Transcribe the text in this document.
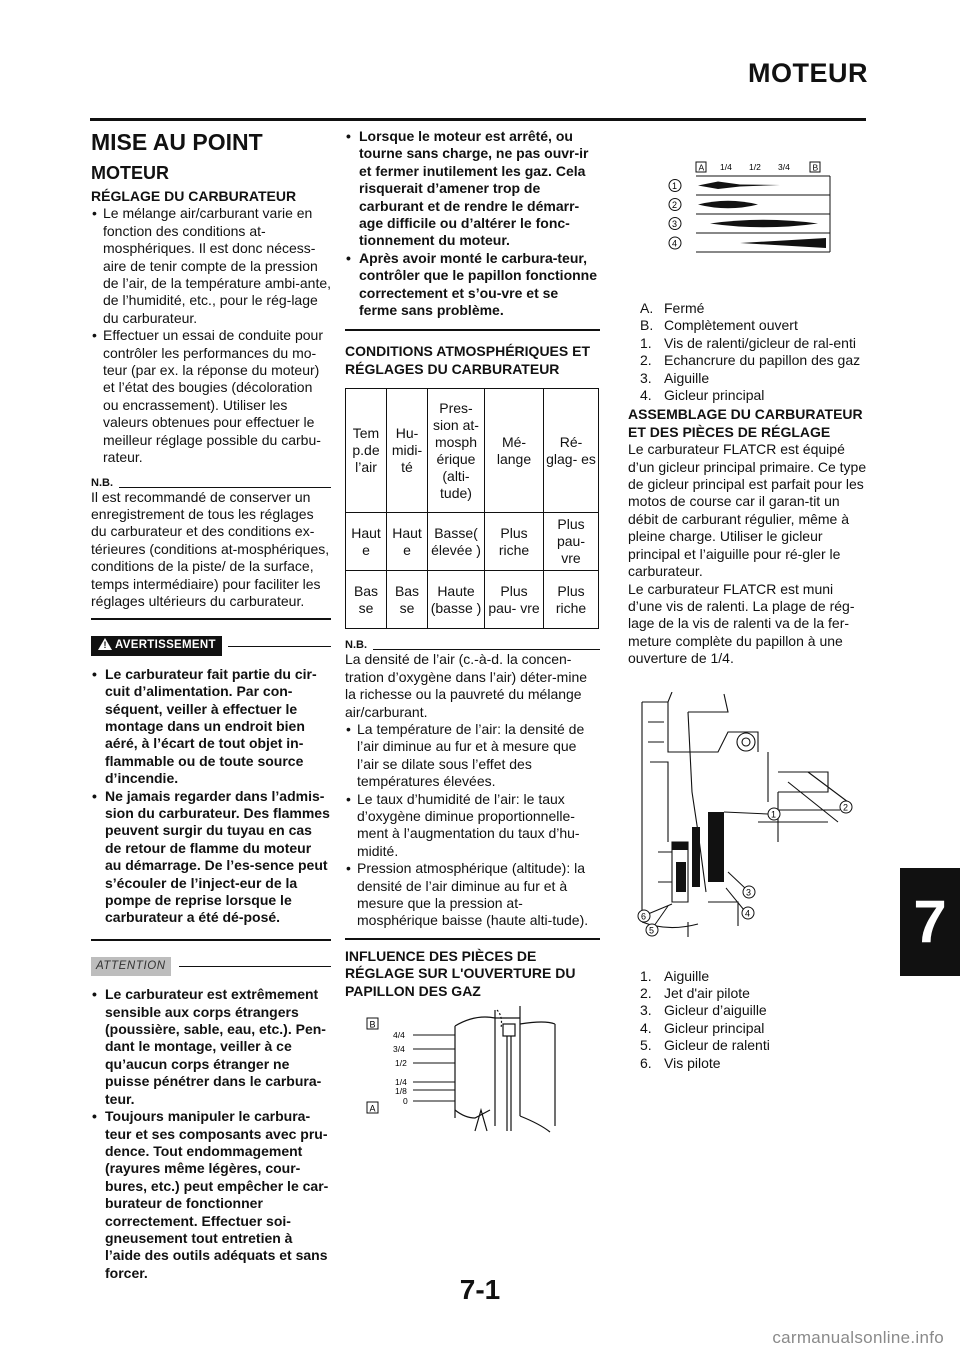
MOTEUR
MISE AU POINT
MOTEUR
RÉGLAGE DU CARBURATEUR
• Le mélange air/carburant varie en fonction des conditions at-mosphériques. Il est donc nécess-aire de tenir compte de la pression de l’air, de la température ambi-ante, de l’humidité, etc., pour le rég-lage du carburateur.
• Effectuer un essai de conduite pour contrôler les performances du mo-teur (par ex. la réponse du moteur) et l’état des bougies (décoloration ou encrassement). Utiliser les valeurs obtenues pour effectuer le meilleur réglage possible du carbu-rateur.
N.B.

Il est recommandé de conserver un enregistrement de tous les réglages du carburateur et des conditions ex-térieures (conditions at-mosphériques, conditions de la piste/ de la surface, temps intermédiaire) pour faciliter les réglages ultérieurs du carburateur.

! AVERTISSEMENT
• Le carburateur fait partie du cir-cuit d’alimentation. Par con-séquent, veiller à effectuer le montage dans un endroit bien aéré, à l’écart de tout objet in-flammable ou de toute source d’incendie.
• Ne jamais regarder dans l’admis-sion du carburateur. Des flammes peuvent surgir du tuyau en cas de retour de flamme du moteur au démarrage. De l’es-sence peut s’écouler de l’inject-eur de la pompe de reprise lorsque le carburateur a été dé-posé.
ATTENTION
• Le carburateur est extrêmement sensible aux corps étrangers (poussière, sable, eau, etc.). Pen-dant le montage, veiller à ce qu’aucun corps étranger ne puisse pénétrer dans le carbura-teur.
• Toujours manipuler le carbura-teur et ses composants avec pru-dence. Tout endommagement (rayures même légères, cour-bures, etc.) peut empêcher le car-burateur de fonctionner correctement. Effectuer soi-gneusement tout entretien à l’aide des outils adéquats et sans forcer.
• Lorsque le moteur est arrêté, ou tourne sans charge, ne pas ouvr-ir et fermer inutilement les gaz. Cela risquerait d’amener trop de carburant et de rendre le démarr-age difficile ou d’altérer le fonc-tionnement du moteur.
• Après avoir monté le carbura-teur, contrôler que le papillon fonctionne correctement et s’ou-vre et se ferme sans problème.
CONDITIONS ATMOSPHÉRIQUES ET RÉGLAGES DU CARBURATEUR
Tem p.de l’air	Hu- midi- té	Pres- sion at- mosph érique (alti- tude)	Mé- lange	Ré- glag- es
Haut e	Haut e	Basse( élevée )	Plus riche	Plus pau- vre
Bas se	Bas se	Haute (basse )	Plus pau- vre	Plus riche
N.B.

La densité de l’air (c.-à-d. la concen-tration d’oxygène dans l’air) déter-mine la richesse ou la pauvreté du mélange air/carburant.

• La température de l’air: la densité de l’air diminue au fur et à mesure que l’air se dilate sous l’effet des températures élevées.
• Le taux d’humidité de l’air: le taux d’oxygène diminue proportionnelle-ment à l’augmentation du taux d’hu-midité.
• Pression atmosphérique (altitude): la densité de l’air diminue au fur et à mesure que la pression at-mosphérique baisse (haute alti-tude).
INFLUENCE DES PIÈCES DE RÉGLAGE SUR L'OUVERTURE DU PAPILLON DES GAZ
B
A
4/4
3/4
1/2
1/4
1/8
0
A	B
1/4 1/2 3/4
1
2
3
4
A. Fermé
B. Complètement ouvert
1. Vis de ralenti/gicleur de ral-enti
2. Echancrure du papillon des gaz
3. Aiguille
4. Gicleur principal
ASSEMBLAGE DU CARBURATEUR ET DES PIÈCES DE RÉGLAGE

Le carburateur FLATCR est équipé d’un gicleur principal primaire. Ce type de gicleur principal est parfait pour les motos de course car il garan-tit un débit de carburant régulier, même à pleine charge. Utiliser le gicleur principal et l’aiguille pour ré-gler le carburateur.

Le carburateur FLATCR est muni d’une vis de ralenti. La plage de rég-lage de la vis de ralenti va de la fer-meture complète du papillon à une ouverture de 1/4.

1
2
3
4
5
6
1. Aiguille
2. Jet d'air pilote
3. Gicleur d’aiguille
4. Gicleur principal
5. Gicleur de ralenti
6. Vis pilote
7
7-1
carmanualsonline.info
